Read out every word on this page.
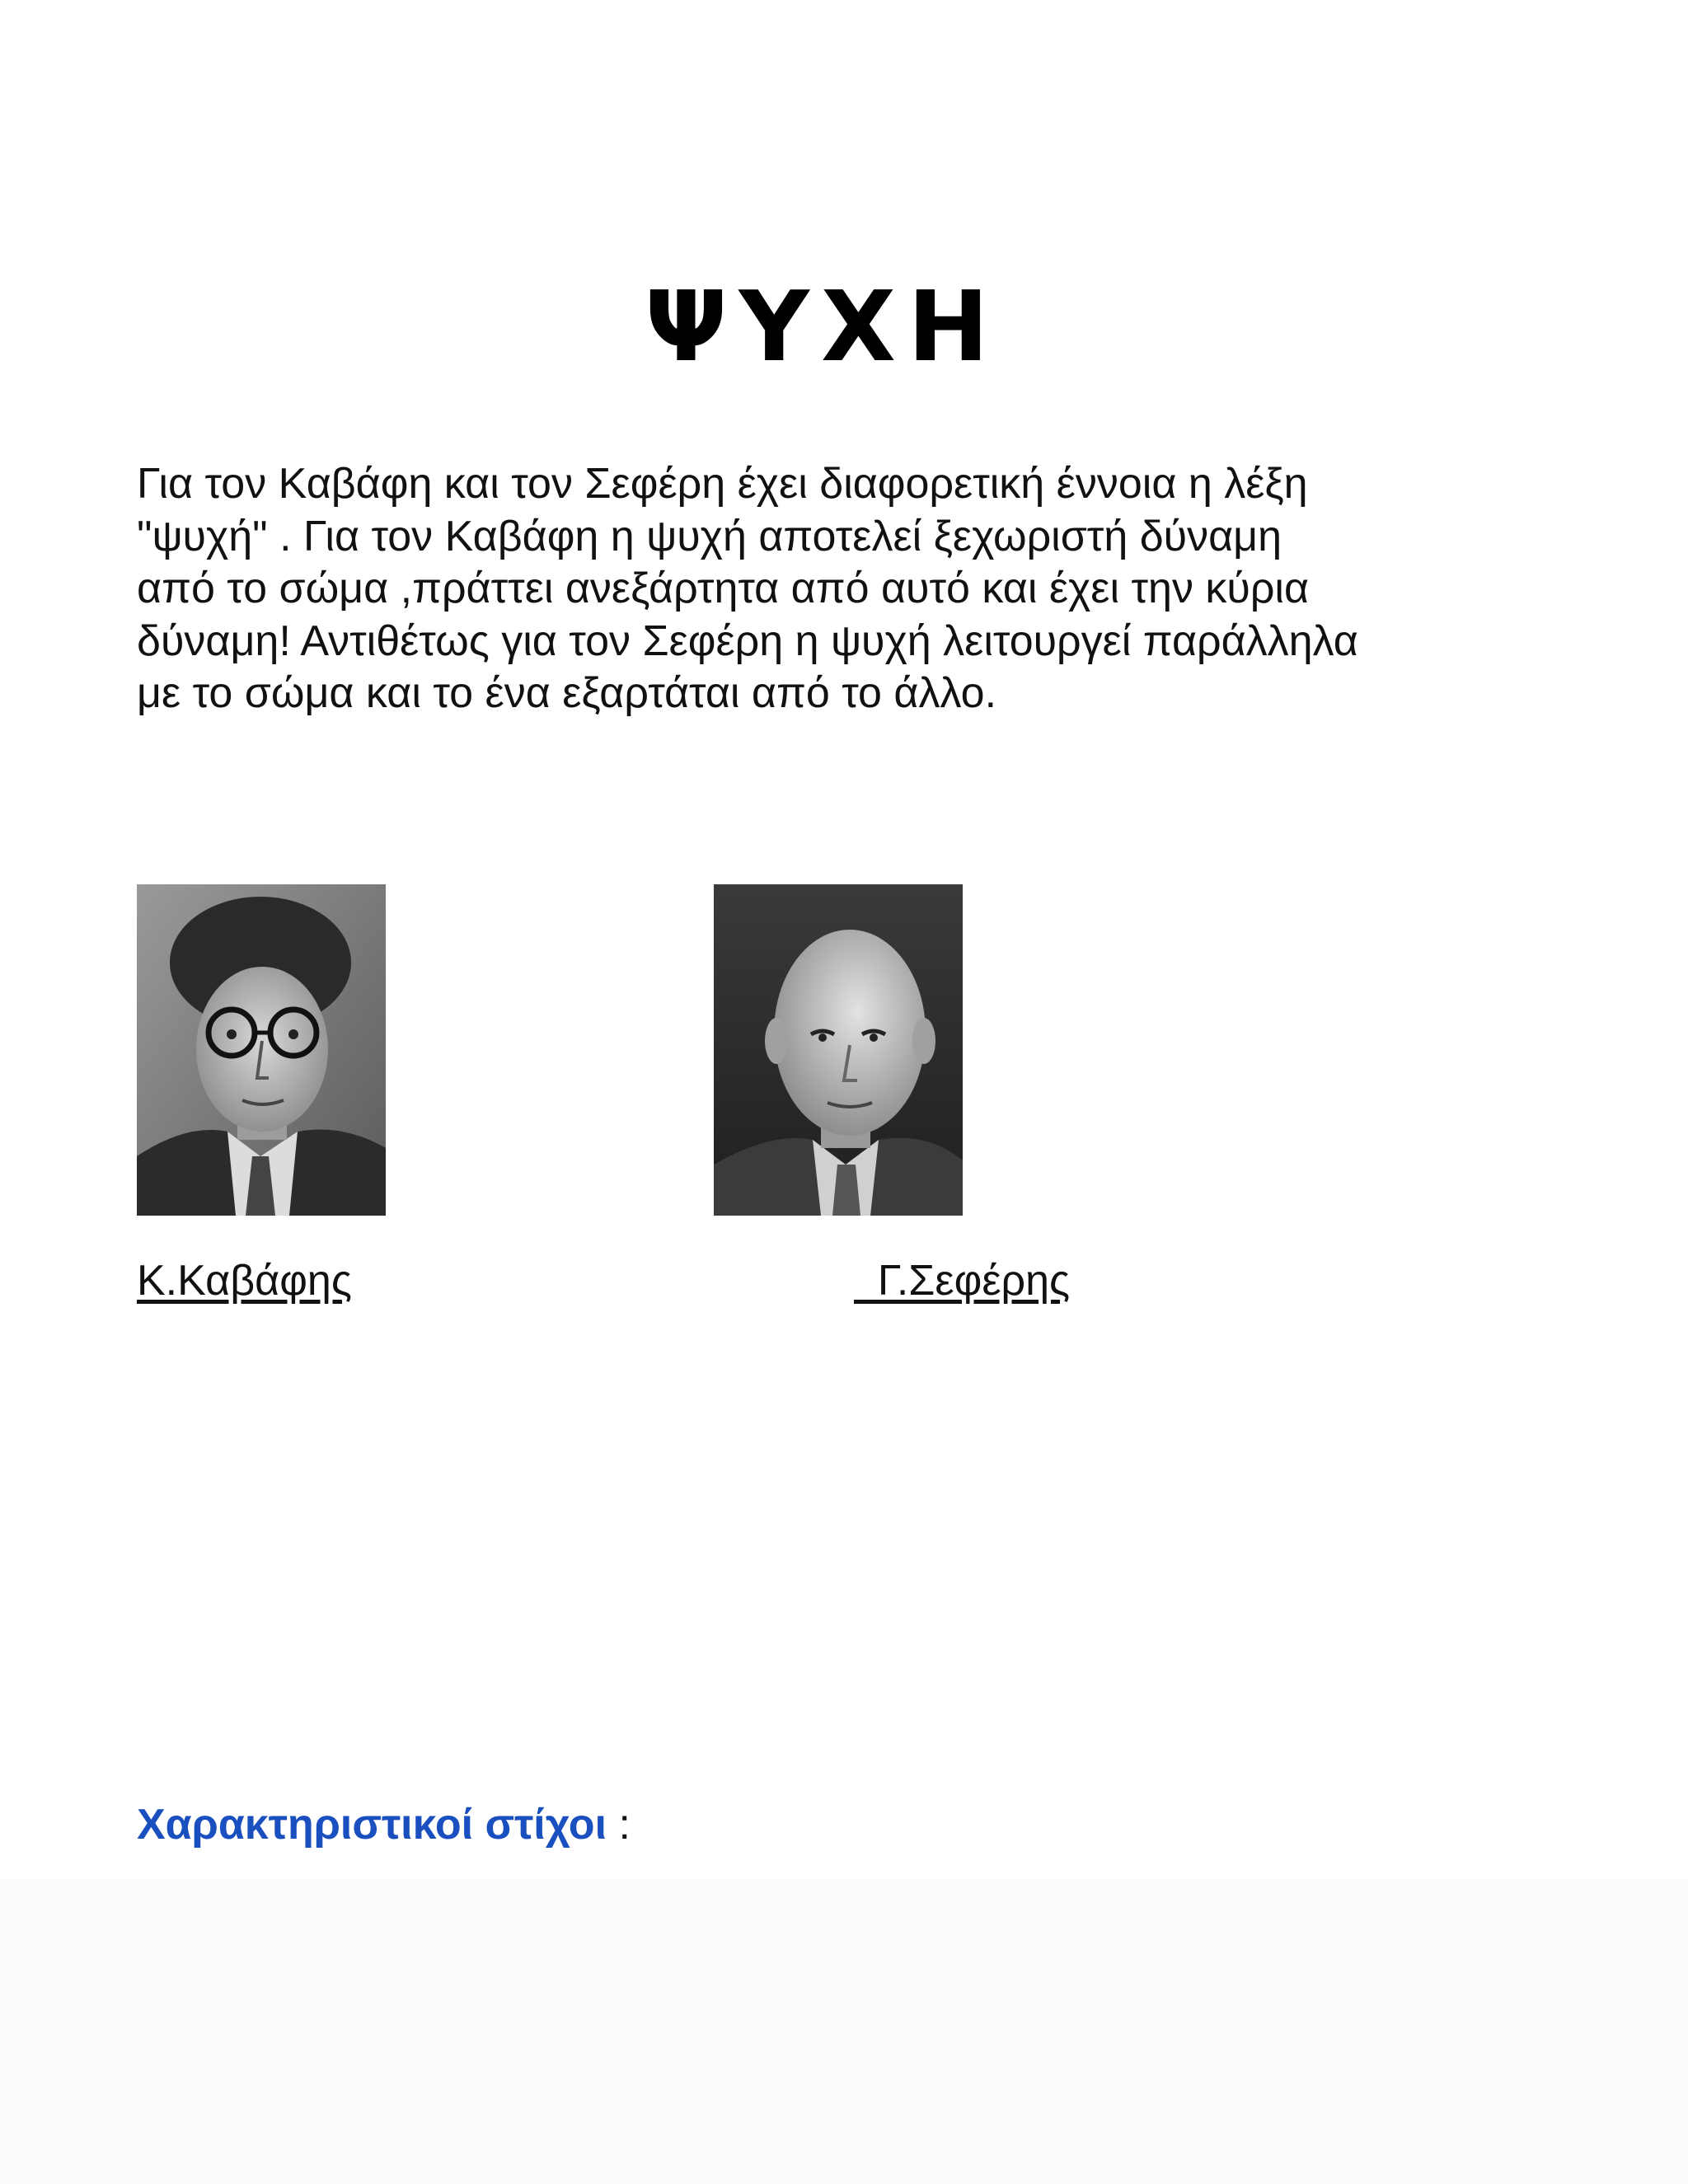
ΨΥΧΗ
Για τον Καβάφη και τον Σεφέρη έχει διαφορετική έννοια η λέξη
"ψυχή" . Για τον Καβάφη η ψυχή αποτελεί ξεχωριστή δύναμη
από το σώμα ,πράττει ανεξάρτητα από αυτό και έχει την κύρια
δύναμη! Αντιθέτως για τον Σεφέρη η ψυχή λειτουργεί παράλληλα
με το σώμα και το ένα εξαρτάται από το άλλο.
Κ.Καβάφης	Γ.Σεφέρης
Χαρακτηριστικοί στίχοι :
